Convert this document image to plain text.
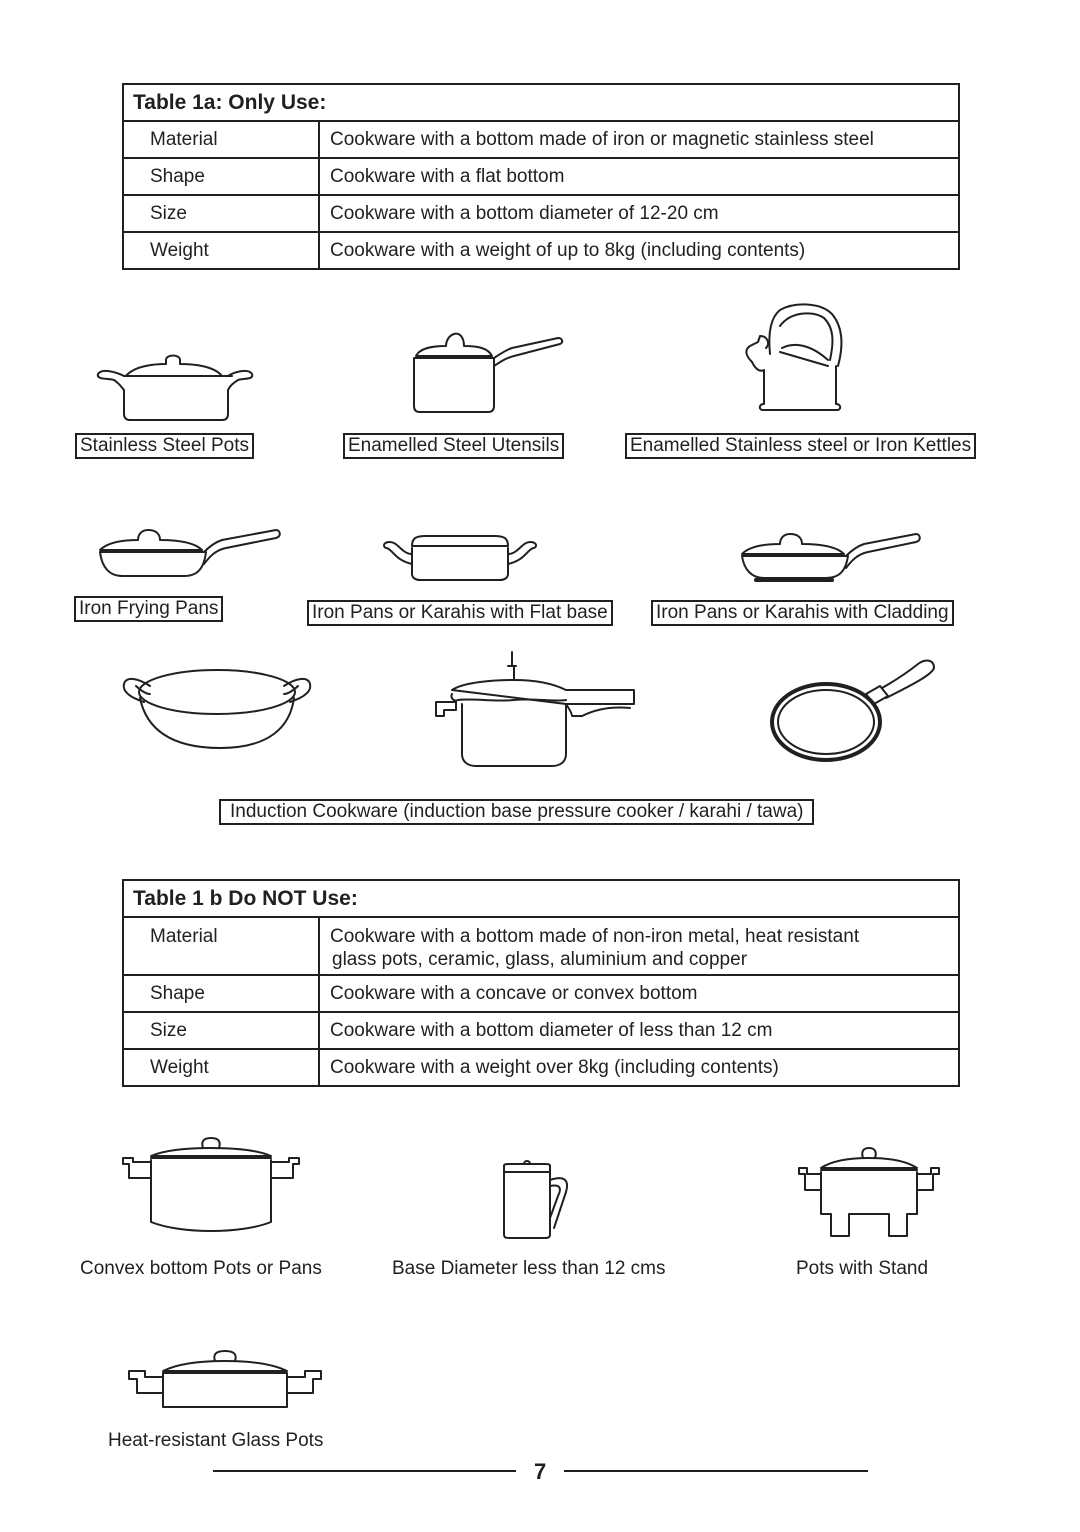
Table 1a: Only Use:	
Material	Cookware with a bottom made of iron or magnetic stainless steel
Shape	Cookware with a flat bottom
Size	Cookware with a bottom diameter of 12-20 cm
Weight	Cookware with a weight of up to 8kg (including contents)
Stainless Steel Pots	Enamelled Steel Utensils	Enamelled Stainless steel or Iron Kettles
Iron Frying Pans	Iron Pans or Karahis with Flat base	Iron Pans or Karahis with Cladding
Induction Cookware (induction base pressure cooker / karahi / tawa)
Table 1 b Do NOT Use:	
Material	Cookware with a bottom made of non-iron metal, heat resistant
glass pots, ceramic, glass, aluminium and copper

Shape	Cookware with a concave or convex bottom
Size	Cookware with a bottom diameter of less than 12 cm
Weight	Cookware with a weight over 8kg (including contents)
Convex bottom Pots or Pans	Base Diameter less than 12 cms	Pots with Stand
Heat-resistant Glass Pots
7
